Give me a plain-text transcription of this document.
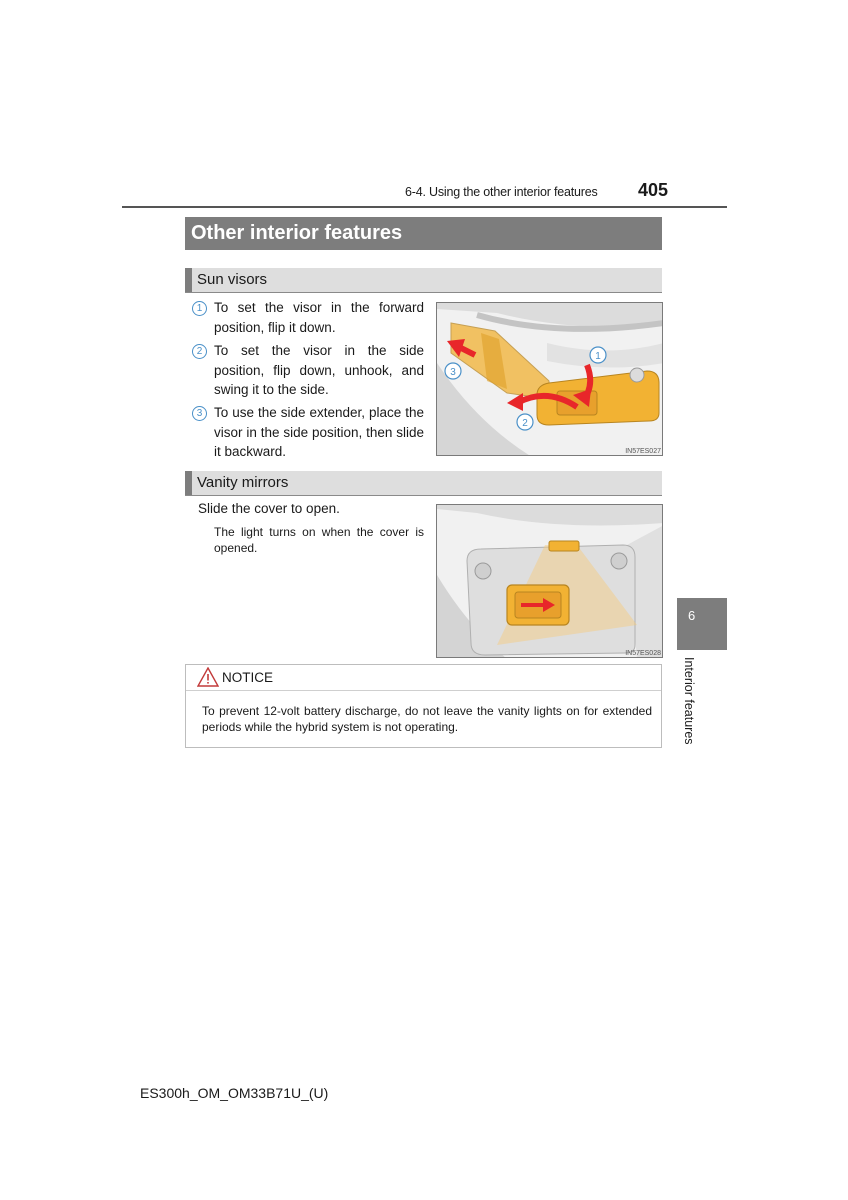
6-4. Using the other interior features 405
Other interior features
Sun visors
1 To set the visor in the forward position, flip it down.
2 To set the visor in the side position, flip down, unhook, and swing it to the side.
3 To use the side extender, place the visor in the side position, then slide it backward.
1
2
3
IN57ES027
Vanity mirrors
Slide the cover to open.
The light turns on when the cover is opened.
IN57ES028
NOTICE
To prevent 12-volt battery discharge, do not leave the vanity lights on for extended periods while the hybrid system is not operating.
6
Interior features
ES300h_OM_OM33B71U_(U)
